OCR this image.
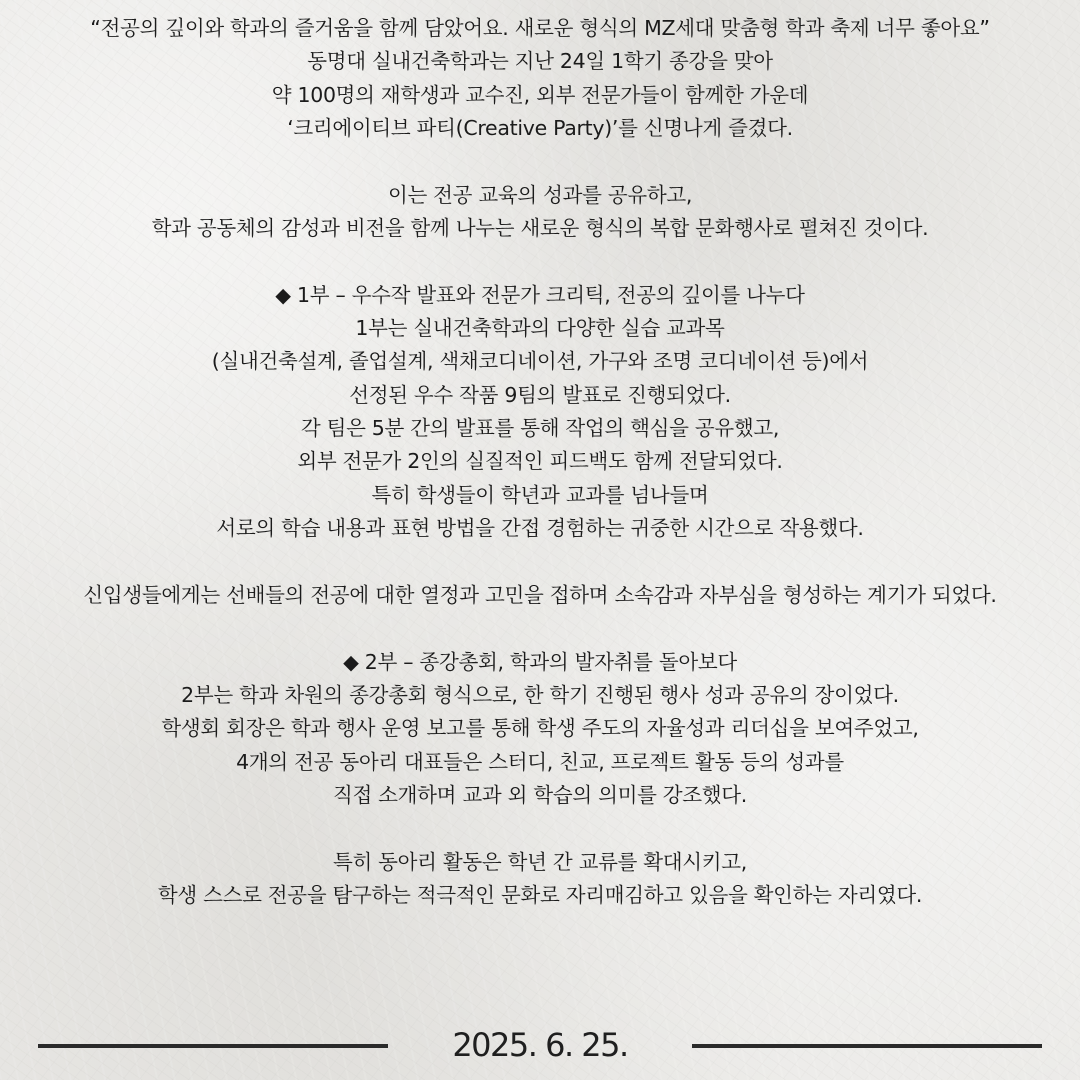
“전공의 깊이와 학과의 즐거움을 함께 담았어요. 새로운 형식의 MZ세대 맞춤형 학과 축제 너무 좋아요”
동명대 실내건축학과는 지난 24일 1학기 종강을 맞아
약 100명의 재학생과 교수진, 외부 전문가들이 함께한 가운데
‘크리에이티브 파티(Creative Party)’를 신명나게 즐겼다.
이는 전공 교육의 성과를 공유하고,
학과 공동체의 감성과 비전을 함께 나누는 새로운 형식의 복합 문화행사로 펼쳐진 것이다.
◆ 1부 – 우수작 발표와 전문가 크리틱, 전공의 깊이를 나누다
1부는 실내건축학과의 다양한 실습 교과목
(실내건축설계, 졸업설계, 색채코디네이션, 가구와 조명 코디네이션 등)에서
선정된 우수 작품 9팀의 발표로 진행되었다.
각 팀은 5분 간의 발표를 통해 작업의 핵심을 공유했고,
외부 전문가 2인의 실질적인 피드백도 함께 전달되었다.
특히 학생들이 학년과 교과를 넘나들며
서로의 학습 내용과 표현 방법을 간접 경험하는 귀중한 시간으로 작용했다.
신입생들에게는 선배들의 전공에 대한 열정과 고민을 접하며 소속감과 자부심을 형성하는 계기가 되었다.
◆ 2부 – 종강총회, 학과의 발자취를 돌아보다
2부는 학과 차원의 종강총회 형식으로, 한 학기 진행된 행사 성과 공유의 장이었다.
학생회 회장은 학과 행사 운영 보고를 통해 학생 주도의 자율성과 리더십을 보여주었고,
4개의 전공 동아리 대표들은 스터디, 친교, 프로젝트 활동 등의 성과를
직접 소개하며 교과 외 학습의 의미를 강조했다.
특히 동아리 활동은 학년 간 교류를 확대시키고,
학생 스스로 전공을 탐구하는 적극적인 문화로 자리매김하고 있음을 확인하는 자리였다.
2025. 6. 25.
